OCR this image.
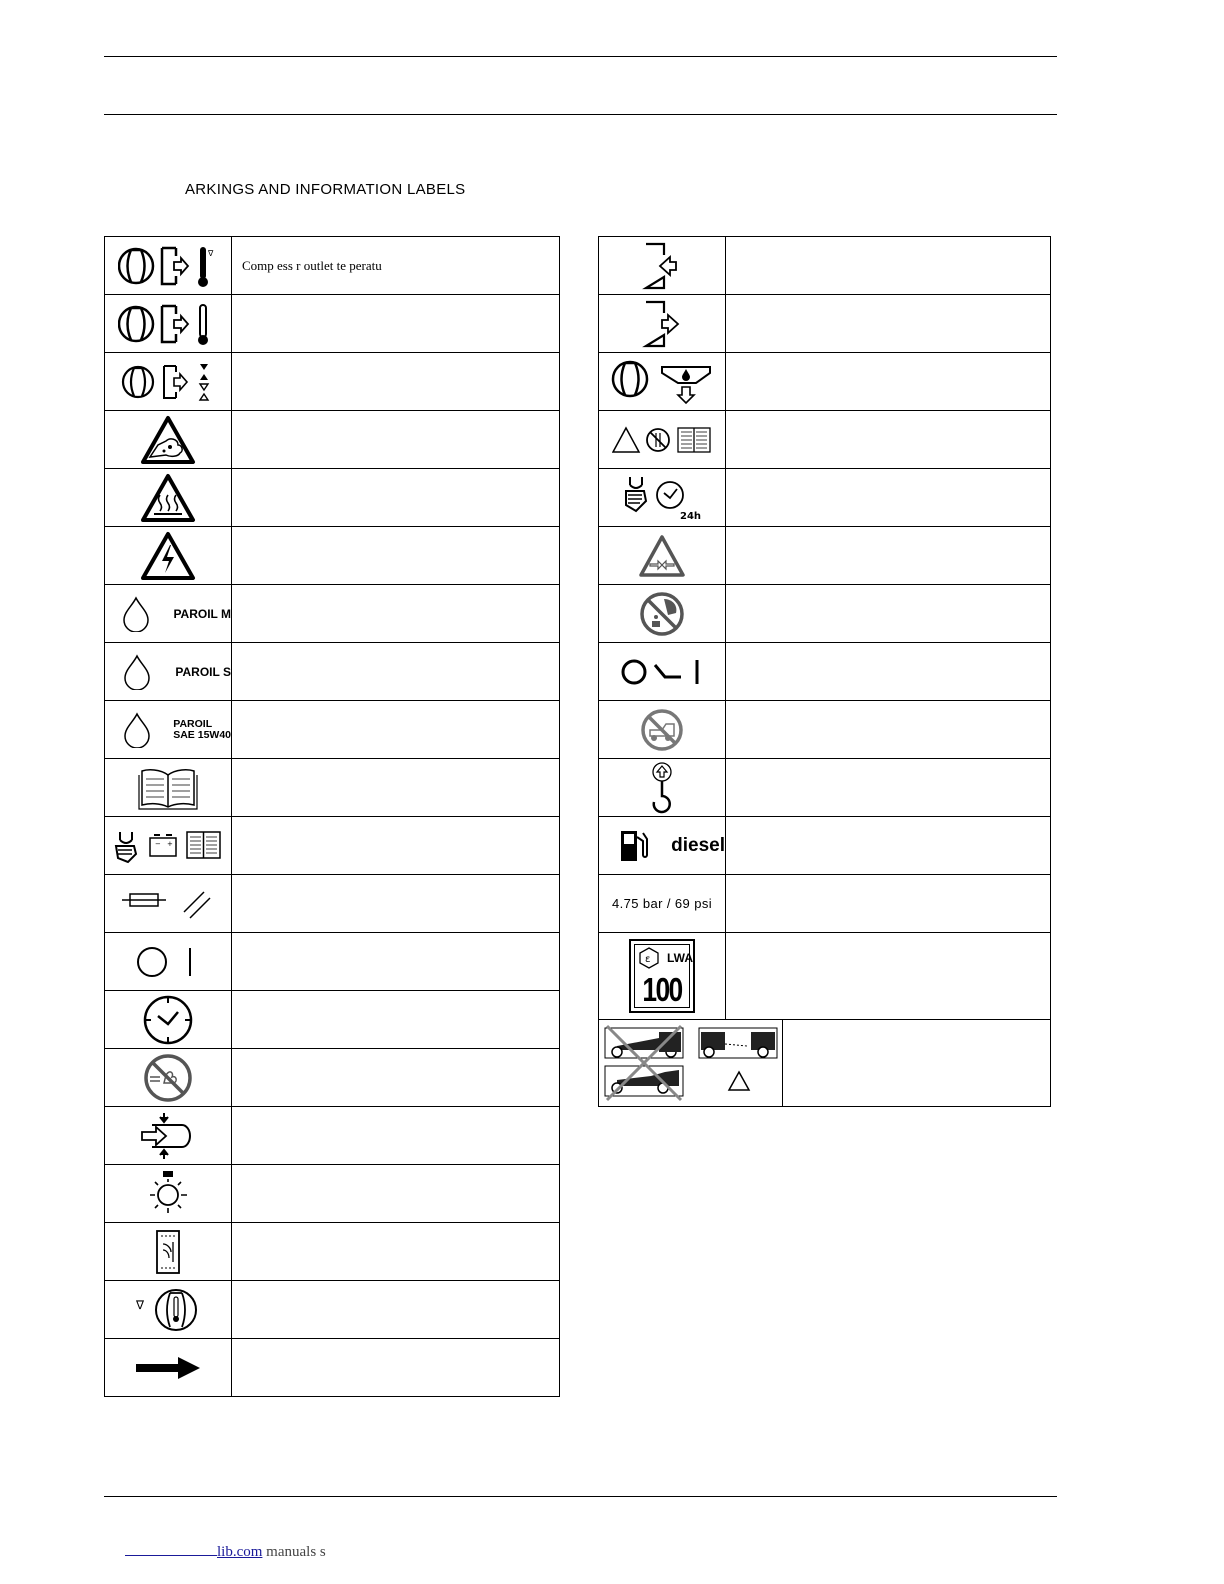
ARKINGS AND INFORMATION LABELS
∇	Comp ess r outlet te peratu

PAROIL M	

PAROIL S	

PAROIL
SAE 15W40	

− +	

∇	

24h		

diesel		

4.75 bar / 69 psi		

ε LWA
100		

lib.com manuals s
